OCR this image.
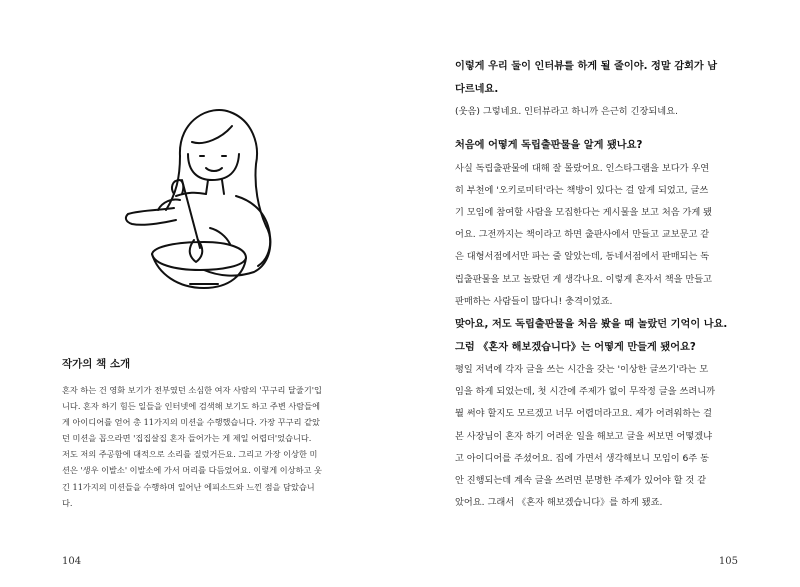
작가의 책 소개
혼자 하는 건 영화 보기가 전부였던 소심한 여자 사람의 '꾸구리 달줄기'입
니다. 혼자 하기 힘든 일들을 인터넷에 검색해 보기도 하고 주변 사람들에
게 아이디어를 얻어 총 11가지의 미션을 수행했습니다. 가장 꾸구리 같았
던 미션을 꼽으라면 '집집살집 혼자 들어가는 게 제일 어렵더'었습니다.
저도 저의 주공함에 대적으로 소리를 질렀거든요. 그리고 가장 이상한 미
션은 '생우 이발소' 이발소에 가서 머리를 다듬었어요. 이렇게 이상하고 웃
긴 11가지의 미션들을 수행하며 일어난 에피소드와 느낀 점을 담았습니
다.

104

이렇게 우리 둘이 인터뷰를 하게 될 줄이야. 정말 감회가 남
다르네요.
(웃음) 그렇네요. 인터뷰라고 하니까 은근히 긴장되네요.
처음에 어떻게 독립출판물을 알게 됐나요?
사실 독립출판물에 대해 잘 몰랐어요. 인스타그램을 보다가 우연
히 부천에 '오키로미터'라는 책방이 있다는 걸 알게 되었고, 글쓰
기 모임에 참여할 사람을 모집한다는 게시물을 보고 처음 가게 됐
어요. 그전까지는 책이라고 하면 출판사에서 만들고 교보문고 같
은 대형서점에서만 파는 줄 알았는데, 동네서점에서 판매되는 독
립출판물을 보고 놀랐던 게 생각나요. 이렇게 혼자서 책을 만들고
판매하는 사람들이 많다니! 충격이었죠.
맞아요, 저도 독립출판물을 처음 봤을 때 놀랐던 기억이 나요.
그럼 《혼자 해보겠습니다》는 어떻게 만들게 됐어요?
평일 저녁에 각자 글을 쓰는 시간을 갖는 '이상한 글쓰기'라는 모
임을 하게 되었는데, 첫 시간에 주제가 없이 무작정 글을 쓰려니까
뭘 써야 할지도 모르겠고 너무 어렵더라고요. 제가 어려워하는 걸
본 사장님이 혼자 하기 어려운 일을 해보고 글을 써보면 어떻겠냐
고 아이디어를 주셨어요. 집에 가면서 생각해보니 모임이 6주 동
안 진행되는데 계속 글을 쓰려면 분명한 주제가 있어야 할 것 같
았어요. 그래서 《혼자 해보겠습니다》를 하게 됐죠.

105
